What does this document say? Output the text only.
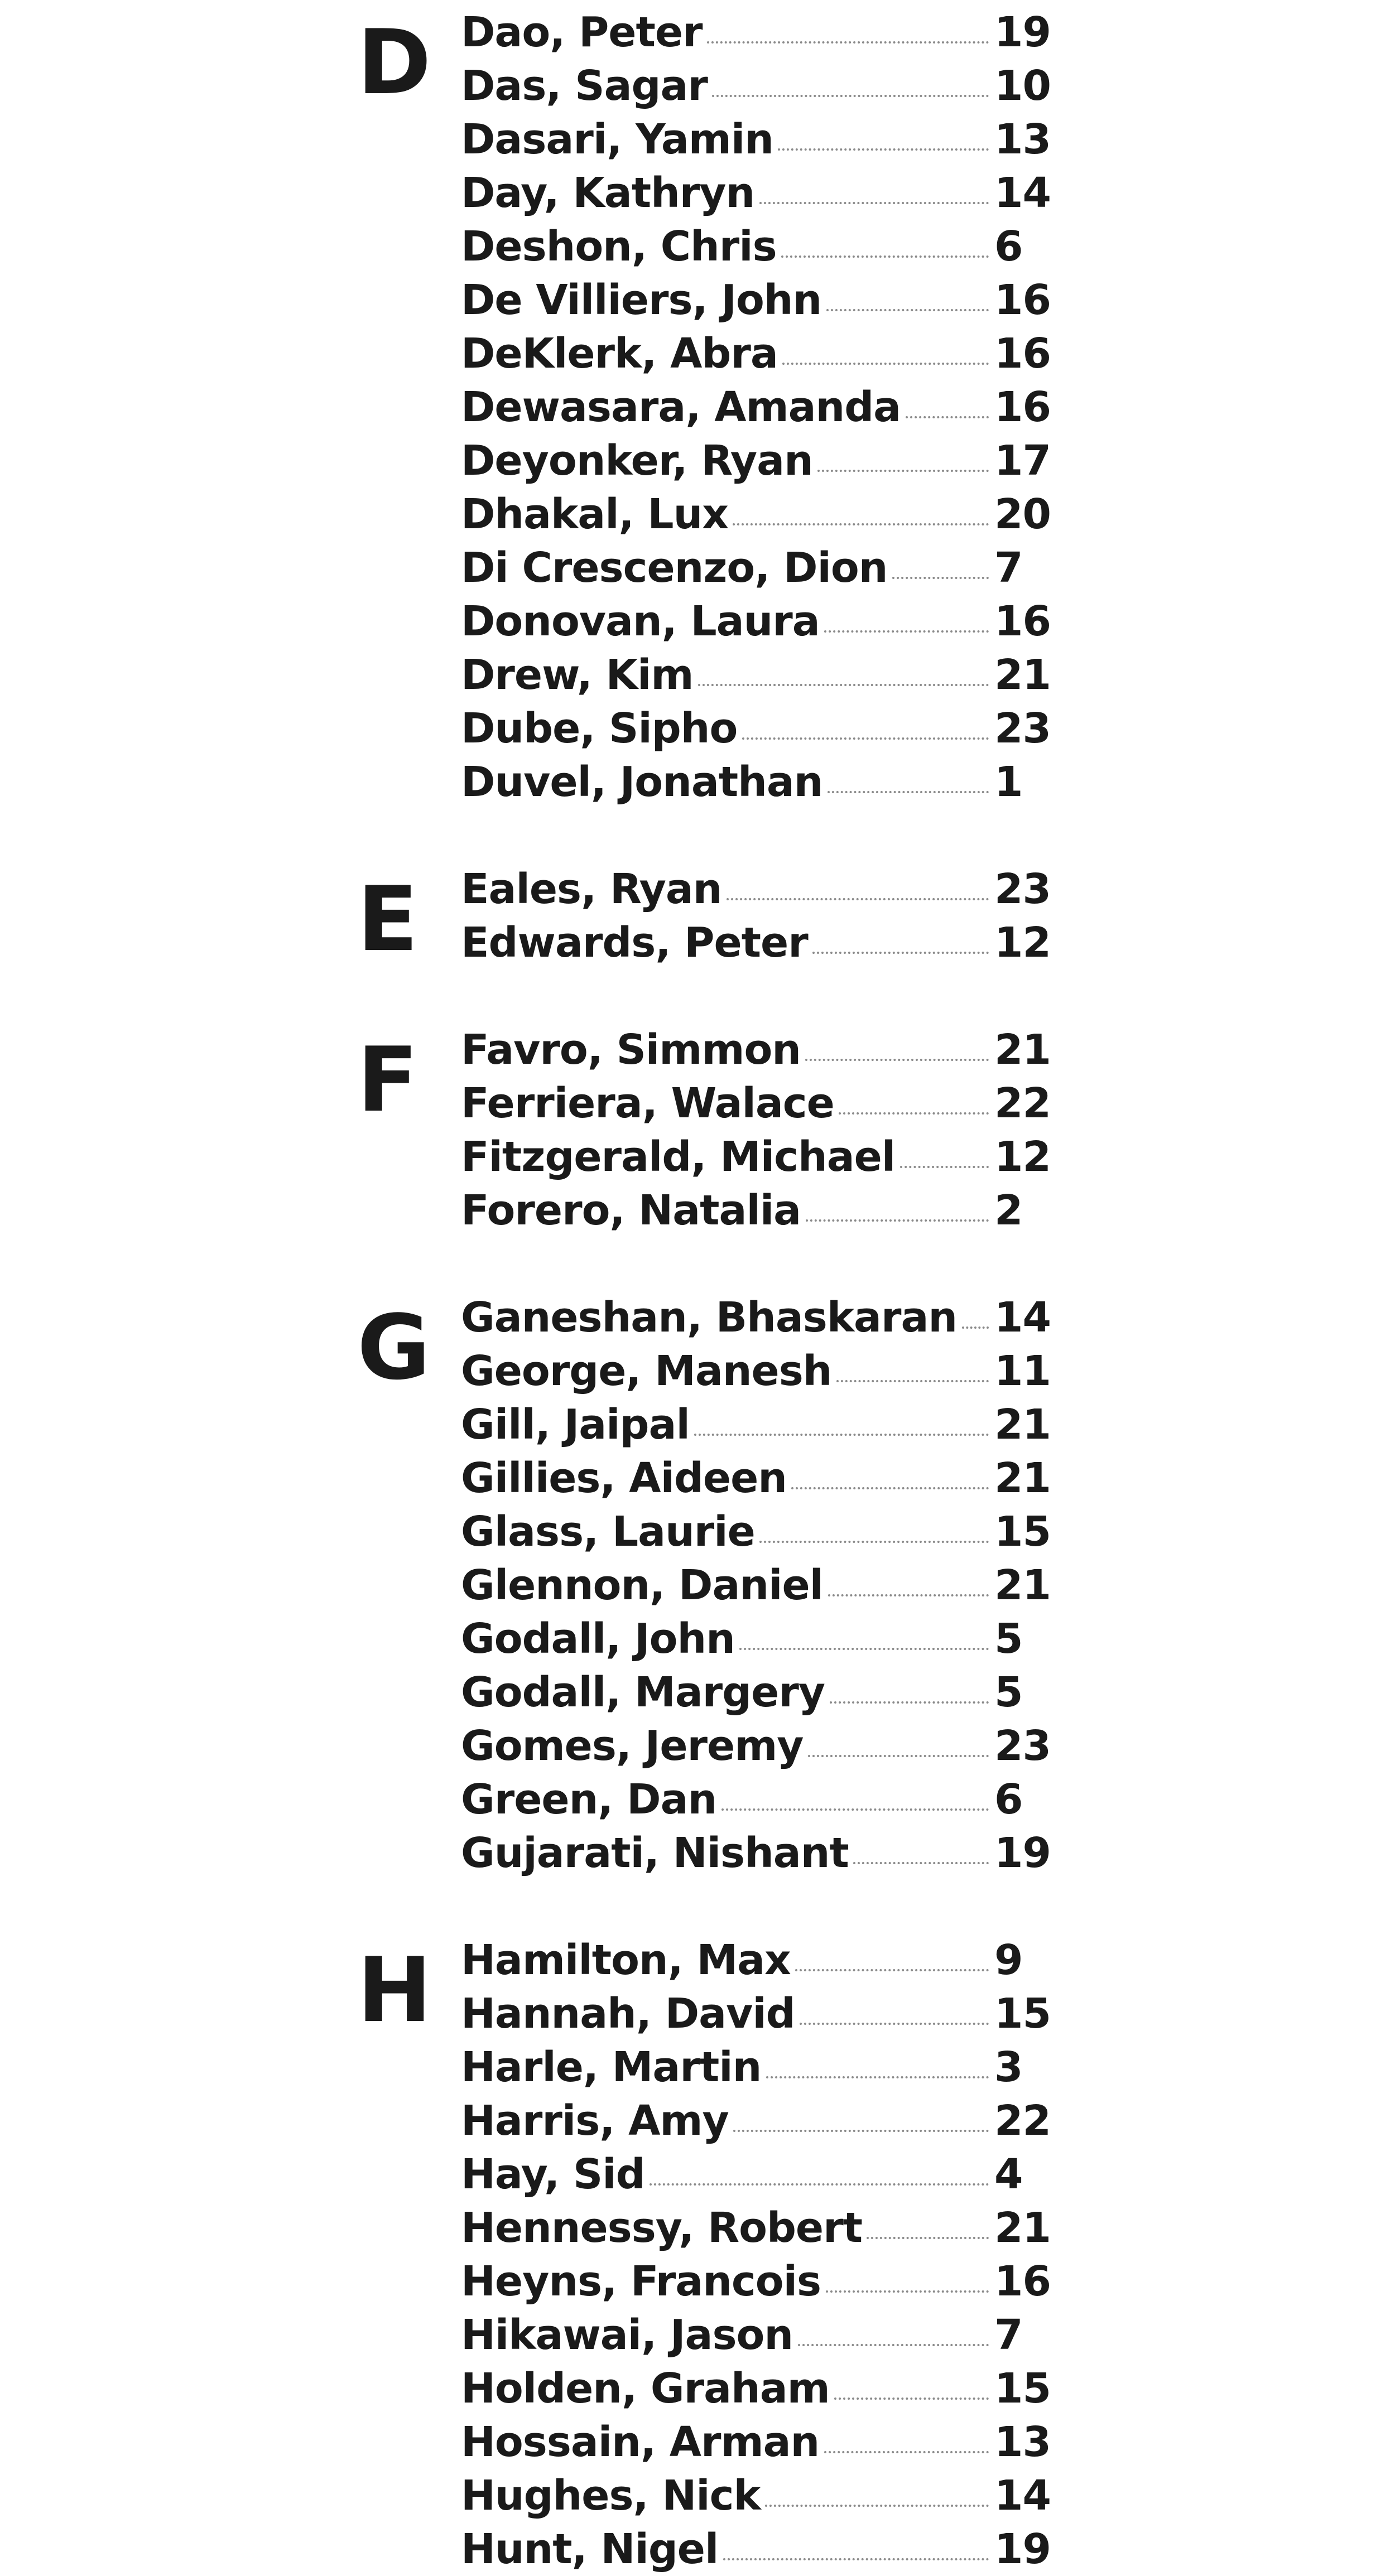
D Dao, Peter	19
Das, Sagar	10
Dasari, Yamin	13
Day, Kathryn	14
Deshon, Chris	6
De Villiers, John	16
DeKlerk, Abra	16
Dewasara, Amanda 16
Deyonker, Ryan	17
Dhakal, Lux	20
Di Crescenzo, Dion	7
Donovan, Laura	16
Drew, Kim	21
Dube, Sipho	23
Duvel, Jonathan	1
E	Eales, Ryan	23
Edwards, Peter	12
F	Favro, Simmon	21
Ferriera, Walace	22
Fitzgerald, Michael 12
Forero, Natalia	2
G Ganeshan, Bhaskaran 14
George, Manesh	11
Gill, Jaipal	21
Gillies, Aideen	21
Glass, Laurie	15
Glennon, Daniel	21
Godall, John	5
Godall, Margery	5
Gomes, Jeremy	23
Green, Dan	6
Gujarati, Nishant	19
H Hamilton, Max	9
Hannah, David	15
Harle, Martin	3
Harris, Amy	22
Hay, Sid	4
Hennessy, Robert	21
Heyns, Francois	16
Hikawai, Jason	7
Holden, Graham	15
Hossain, Arman	13
Hughes, Nick	14
Hunt, Nigel	19
